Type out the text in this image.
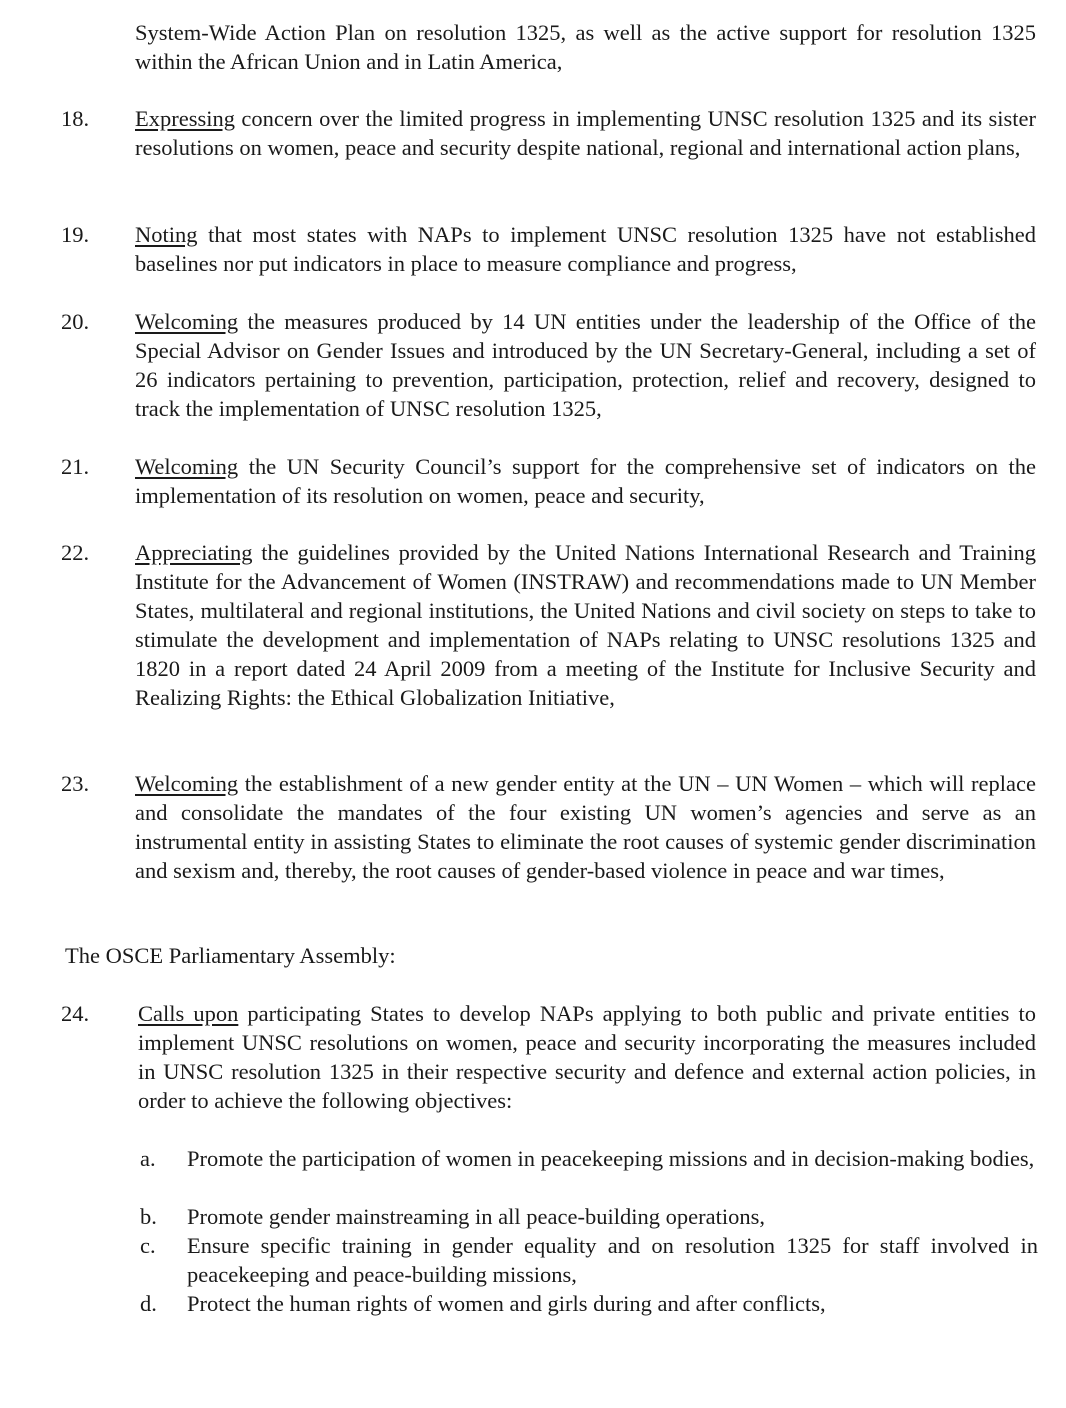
System-Wide Action Plan on resolution 1325, as well as the active support for resolution 1325 within the African Union and in Latin America,
18. Expressing concern over the limited progress in implementing UNSC resolution 1325 and its sister resolutions on women, peace and security despite national, regional and international action plans,
19. Noting that most states with NAPs to implement UNSC resolution 1325 have not established baselines nor put indicators in place to measure compliance and progress,
20. Welcoming the measures produced by 14 UN entities under the leadership of the Office of the Special Advisor on Gender Issues and introduced by the UN Secretary-General, including a set of 26 indicators pertaining to prevention, participation, protection, relief and recovery, designed to track the implementation of UNSC resolution 1325,
21. Welcoming the UN Security Council’s support for the comprehensive set of indicators on the implementation of its resolution on women, peace and security,
22. Appreciating the guidelines provided by the United Nations International Research and Training Institute for the Advancement of Women (INSTRAW) and recommendations made to UN Member States, multilateral and regional institutions, the United Nations and civil society on steps to take to stimulate the development and implementation of NAPs relating to UNSC resolutions 1325 and 1820 in a report dated 24 April 2009 from a meeting of the Institute for Inclusive Security and Realizing Rights: the Ethical Globalization Initiative,
23. Welcoming the establishment of a new gender entity at the UN – UN Women – which will replace and consolidate the mandates of the four existing UN women’s agencies and serve as an instrumental entity in assisting States to eliminate the root causes of systemic gender discrimination and sexism and, thereby, the root causes of gender-based violence in peace and war times,
The OSCE Parliamentary Assembly:
24. Calls upon participating States to develop NAPs applying to both public and private entities to implement UNSC resolutions on women, peace and security incorporating the measures included in UNSC resolution 1325 in their respective security and defence and external action policies, in order to achieve the following objectives:
a. Promote the participation of women in peacekeeping missions and in decision-making bodies,
b. Promote gender mainstreaming in all peace-building operations,
c. Ensure specific training in gender equality and on resolution 1325 for staff involved in peacekeeping and peace-building missions,
d. Protect the human rights of women and girls during and after conflicts,
